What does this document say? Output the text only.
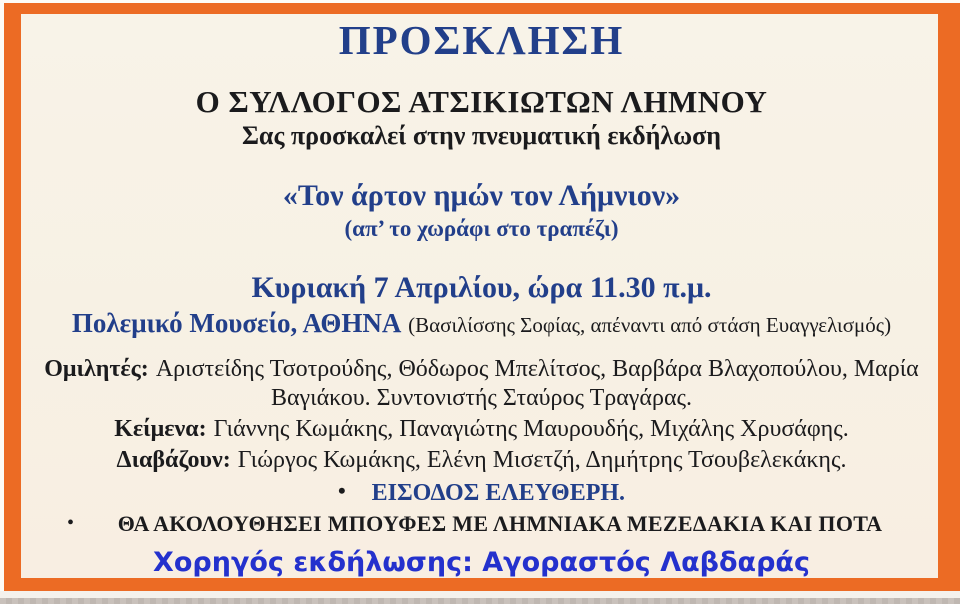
ΠΡΟΣΚΛΗΣΗ
Ο ΣΥΛΛΟΓΟΣ ΑΤΣΙΚΙΩΤΩΝ ΛΗΜΝΟΥ
Σας προσκαλεί στην πνευματική εκδήλωση
«Τον άρτον ημών τον Λήμνιον»
(απ’ το χωράφι στο τραπέζι)
Κυριακή 7 Απριλίου, ώρα 11.30 π.μ.
Πολεμικό Μουσείο, ΑΘΗΝΑ (Βασιλίσσης Σοφίας, απέναντι από στάση Ευαγγελισμός)
Ομιλητές: Αριστείδης Τσοτρούδης, Θόδωρος Μπελίτσος, Βαρβάρα Βλαχοπούλου, Μαρία Βαγιάκου. Συντονιστής Σταύρος Τραγάρας.
Κείμενα: Γιάννης Κωμάκης, Παναγιώτης Μαυρουδής, Μιχάλης Χρυσάφης.
Διαβάζουν: Γιώργος Κωμάκης, Ελένη Μισετζή, Δημήτρης Τσουβελεκάκης.
• ΕΙΣΟΔΟΣ ΕΛΕΥΘΕΡΗ.
•	ΘΑ ΑΚΟΛΟΥΘΗΣΕΙ ΜΠΟΥΦΕΣ ΜΕ ΛΗΜΝΙΑΚΑ ΜΕΖΕΔΑΚΙΑ ΚΑΙ ΠΟΤΑ
Χορηγός εκδήλωσης: Αγοραστός Λαβδαράς
